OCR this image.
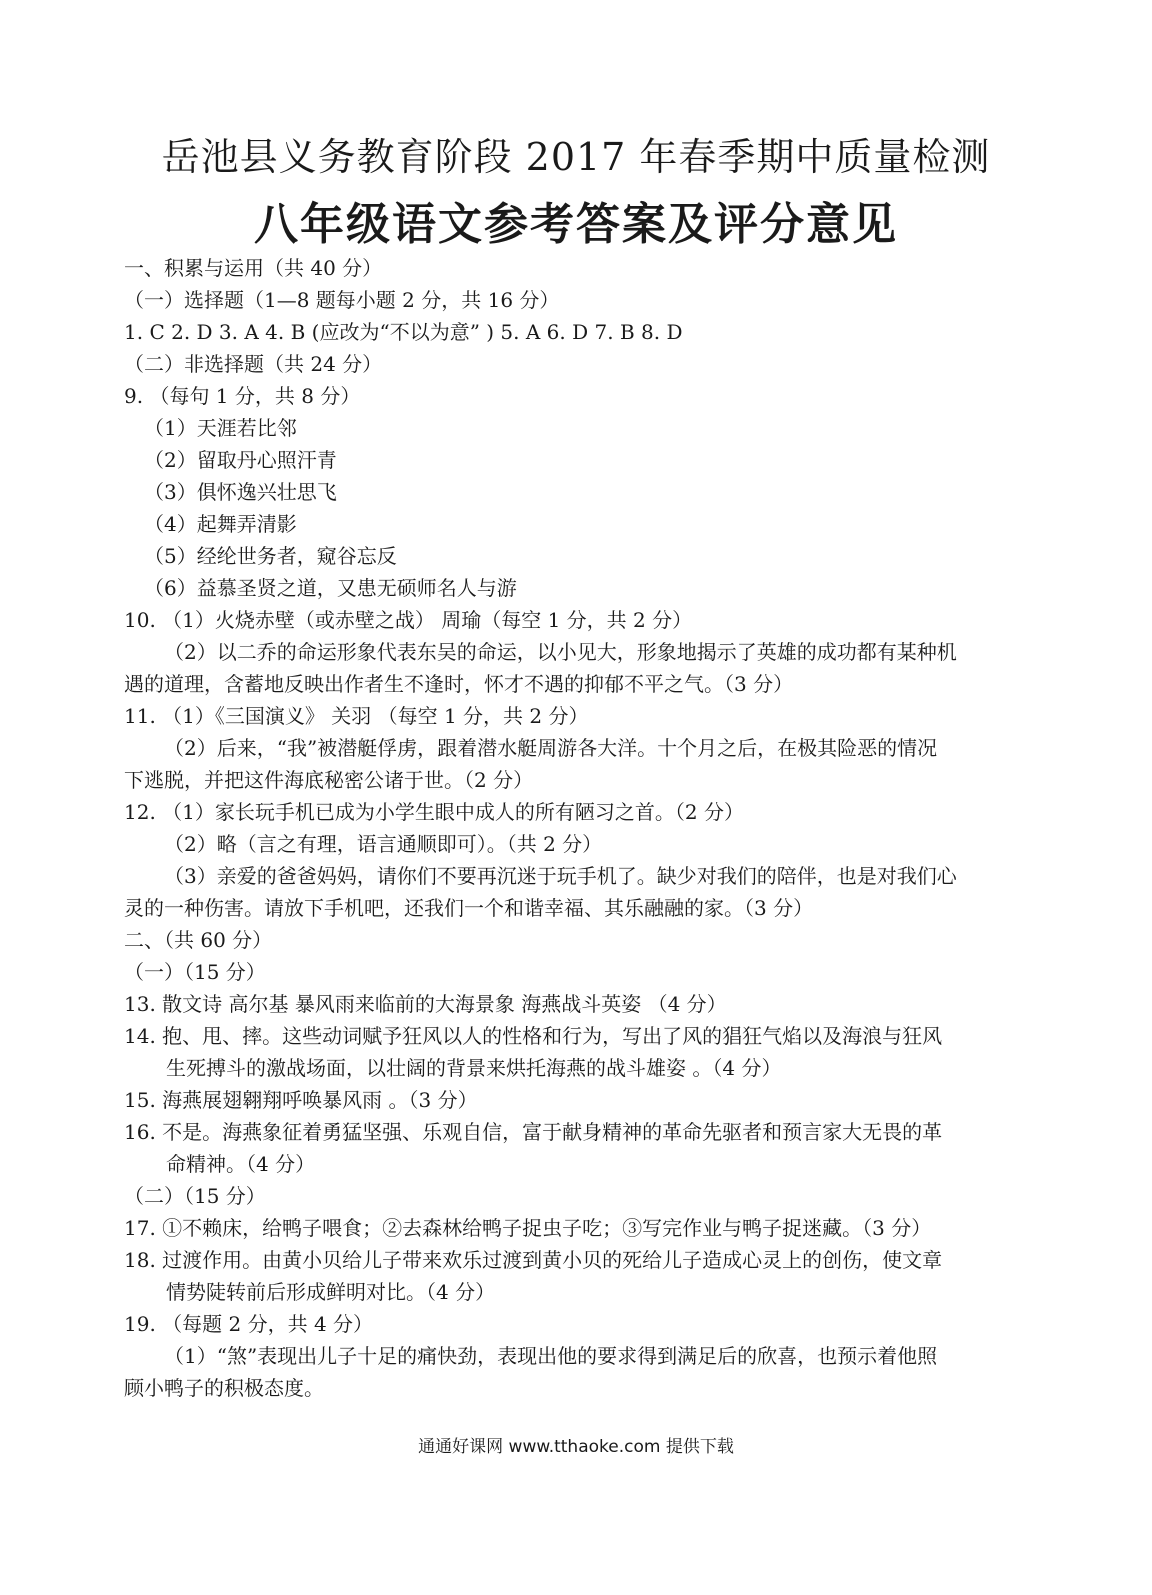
岳池县义务教育阶段 2017 年春季期中质量检测
八年级语文参考答案及评分意见
一、积累与运用（共 40 分）
（一）选择题（1—8 题每小题 2 分，共 16 分）
1. C 2. D 3. A 4. B (应改为“不以为意” ) 5. A 6. D 7. B 8. D
（二）非选择题（共 24 分）
9. （每句 1 分，共 8 分）
（1）天涯若比邻
（2）留取丹心照汗青
（3）俱怀逸兴壮思飞
（4）起舞弄清影
（5）经纶世务者，窥谷忘反
（6）益慕圣贤之道，又患无硕师名人与游
10. （1）火烧赤壁（或赤壁之战） 周瑜（每空 1 分，共 2 分）
（2）以二乔的命运形象代表东吴的命运，以小见大，形象地揭示了英雄的成功都有某种机
遇的道理，含蓄地反映出作者生不逢时，怀才不遇的抑郁不平之气。（3 分）
11. （1）《三国演义》 关羽 （每空 1 分，共 2 分）
（2）后来，“我”被潜艇俘虏，跟着潜水艇周游各大洋。十个月之后，在极其险恶的情况
下逃脱，并把这件海底秘密公诸于世。（2 分）
12. （1）家长玩手机已成为小学生眼中成人的所有陋习之首。（2 分）
（2）略（言之有理，语言通顺即可）。（共 2 分）
（3）亲爱的爸爸妈妈，请你们不要再沉迷于玩手机了。缺少对我们的陪伴，也是对我们心
灵的一种伤害。请放下手机吧，还我们一个和谐幸福、其乐融融的家。（3 分）
二、（共 60 分）
（一）（15 分）
13. 散文诗 高尔基 暴风雨来临前的大海景象 海燕战斗英姿 （4 分）
14. 抱、甩、摔。这些动词赋予狂风以人的性格和行为，写出了风的猖狂气焰以及海浪与狂风
生死搏斗的激战场面，以壮阔的背景来烘托海燕的战斗雄姿 。（4 分）
15. 海燕展翅翱翔呼唤暴风雨 。（3 分）
16. 不是。海燕象征着勇猛坚强、乐观自信，富于献身精神的革命先驱者和预言家大无畏的革
命精神。（4 分）
（二）（15 分）
17. ①不赖床，给鸭子喂食；②去森林给鸭子捉虫子吃；③写完作业与鸭子捉迷藏。（3 分）
18. 过渡作用。由黄小贝给儿子带来欢乐过渡到黄小贝的死给儿子造成心灵上的创伤，使文章
情势陡转前后形成鲜明对比。（4 分）
19. （每题 2 分，共 4 分）
（1）“煞”表现出儿子十足的痛快劲，表现出他的要求得到满足后的欣喜，也预示着他照
顾小鸭子的积极态度。
通通好课网 www.tthaoke.com 提供下载
